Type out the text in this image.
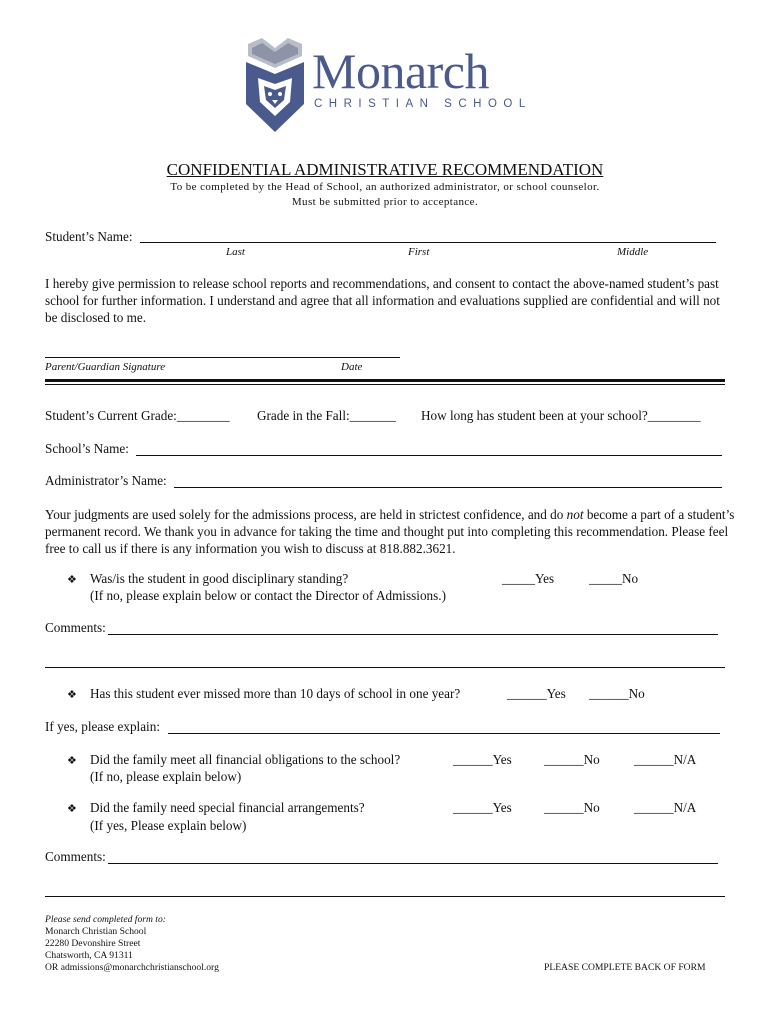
Monarch
CHRISTIAN SCHOOL
CONFIDENTIAL ADMINISTRATIVE RECOMMENDATION
To be completed by the Head of School, an authorized administrator, or school counselor.
Must be submitted prior to acceptance.
Student’s Name:
Last	First	Middle
I hereby give permission to release school reports and recommendations, and consent to contact the above-named student’s past school for further information. I understand and agree that all information and evaluations supplied are confidential and will not be disclosed to me.
Parent/Guardian Signature	Date
Student’s Current Grade:________ Grade in the Fall:_______ How long has student been at your school?________
School’s Name:
Administrator’s Name:
Your judgments are used solely for the admissions process, are held in strictest confidence, and do not become a part of a student’s permanent record. We thank you in advance for taking the time and thought put into completing this recommendation. Please feel free to call us if there is any information you wish to discuss at 818.882.3621.
❖ Was/is the student in good disciplinary standing?
(If no, please explain below or contact the Director of Admissions.)
_____Yes	_____No
Comments:
❖ Has this student ever missed more than 10 days of school in one year?	______Yes ______No
If yes, please explain:
❖ Did the family meet all financial obligations to the school?
(If no, please explain below)
______Yes ______No	______N/A
❖ Did the family need special financial arrangements?
(If yes, Please explain below)
______Yes ______No	______N/A
Comments:
Please send completed form to:
Monarch Christian School
22280 Devonshire Street
Chatsworth, CA 91311
OR admissions@monarchchristianschool.org	PLEASE COMPLETE BACK OF FORM
